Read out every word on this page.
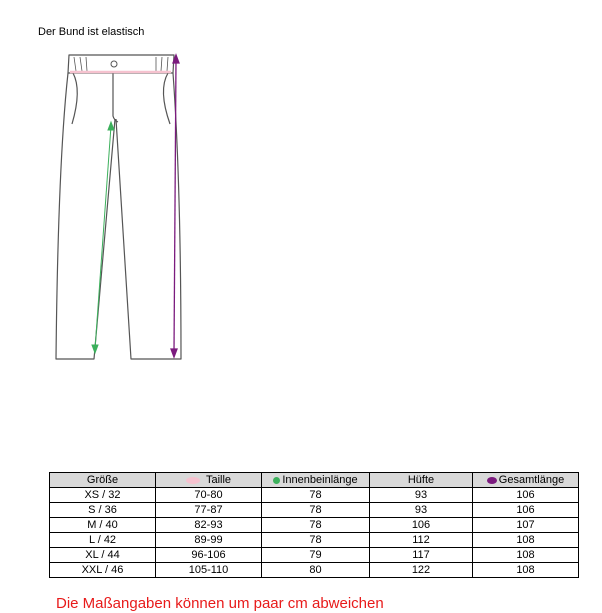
Der Bund ist elastisch
Größe	Taille	Innenbeinlänge	Hüfte	Gesamtlänge
XS / 32	70-80	78	93	106
S / 36	77-87	78	93	106
M / 40	82-93	78	106	107
L / 42	89-99	78	112	108
XL / 44	96-106	79	117	108
XXL / 46	105-110	80	122	108
Die Maßangaben können um paar cm abweichen
